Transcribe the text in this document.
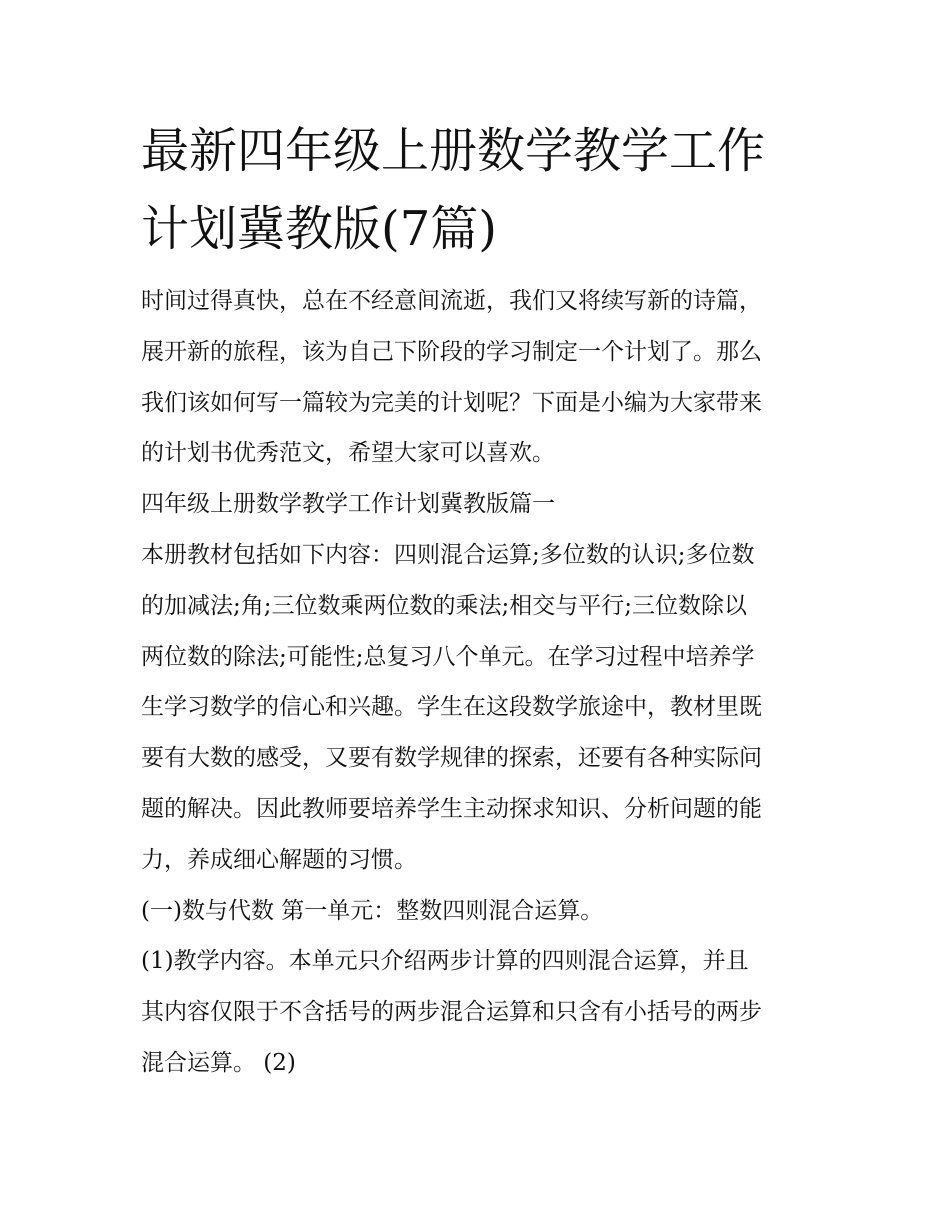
最新四年级上册数学教学工作
计划冀教版(7篇)
时间过得真快，总在不经意间流逝，我们又将续写新的诗篇，
展开新的旅程，该为自己下阶段的学习制定一个计划了。那么
我们该如何写一篇较为完美的计划呢？下面是小编为大家带来
的计划书优秀范文，希望大家可以喜欢。
四年级上册数学教学工作计划冀教版篇一
本册教材包括如下内容：四则混合运算;多位数的认识;多位数
的加减法;角;三位数乘两位数的乘法;相交与平行;三位数除以
两位数的除法;可能性;总复习八个单元。在学习过程中培养学
生学习数学的信心和兴趣。学生在这段数学旅途中，教材里既
要有大数的感受，又要有数学规律的探索，还要有各种实际问
题的解决。因此教师要培养学生主动探求知识、分析问题的能
力，养成细心解题的习惯。
(一)数与代数 第一单元：整数四则混合运算。
(1)教学内容。本单元只介绍两步计算的四则混合运算，并且
其内容仅限于不含括号的两步混合运算和只含有小括号的两步
混合运算。 (2)
